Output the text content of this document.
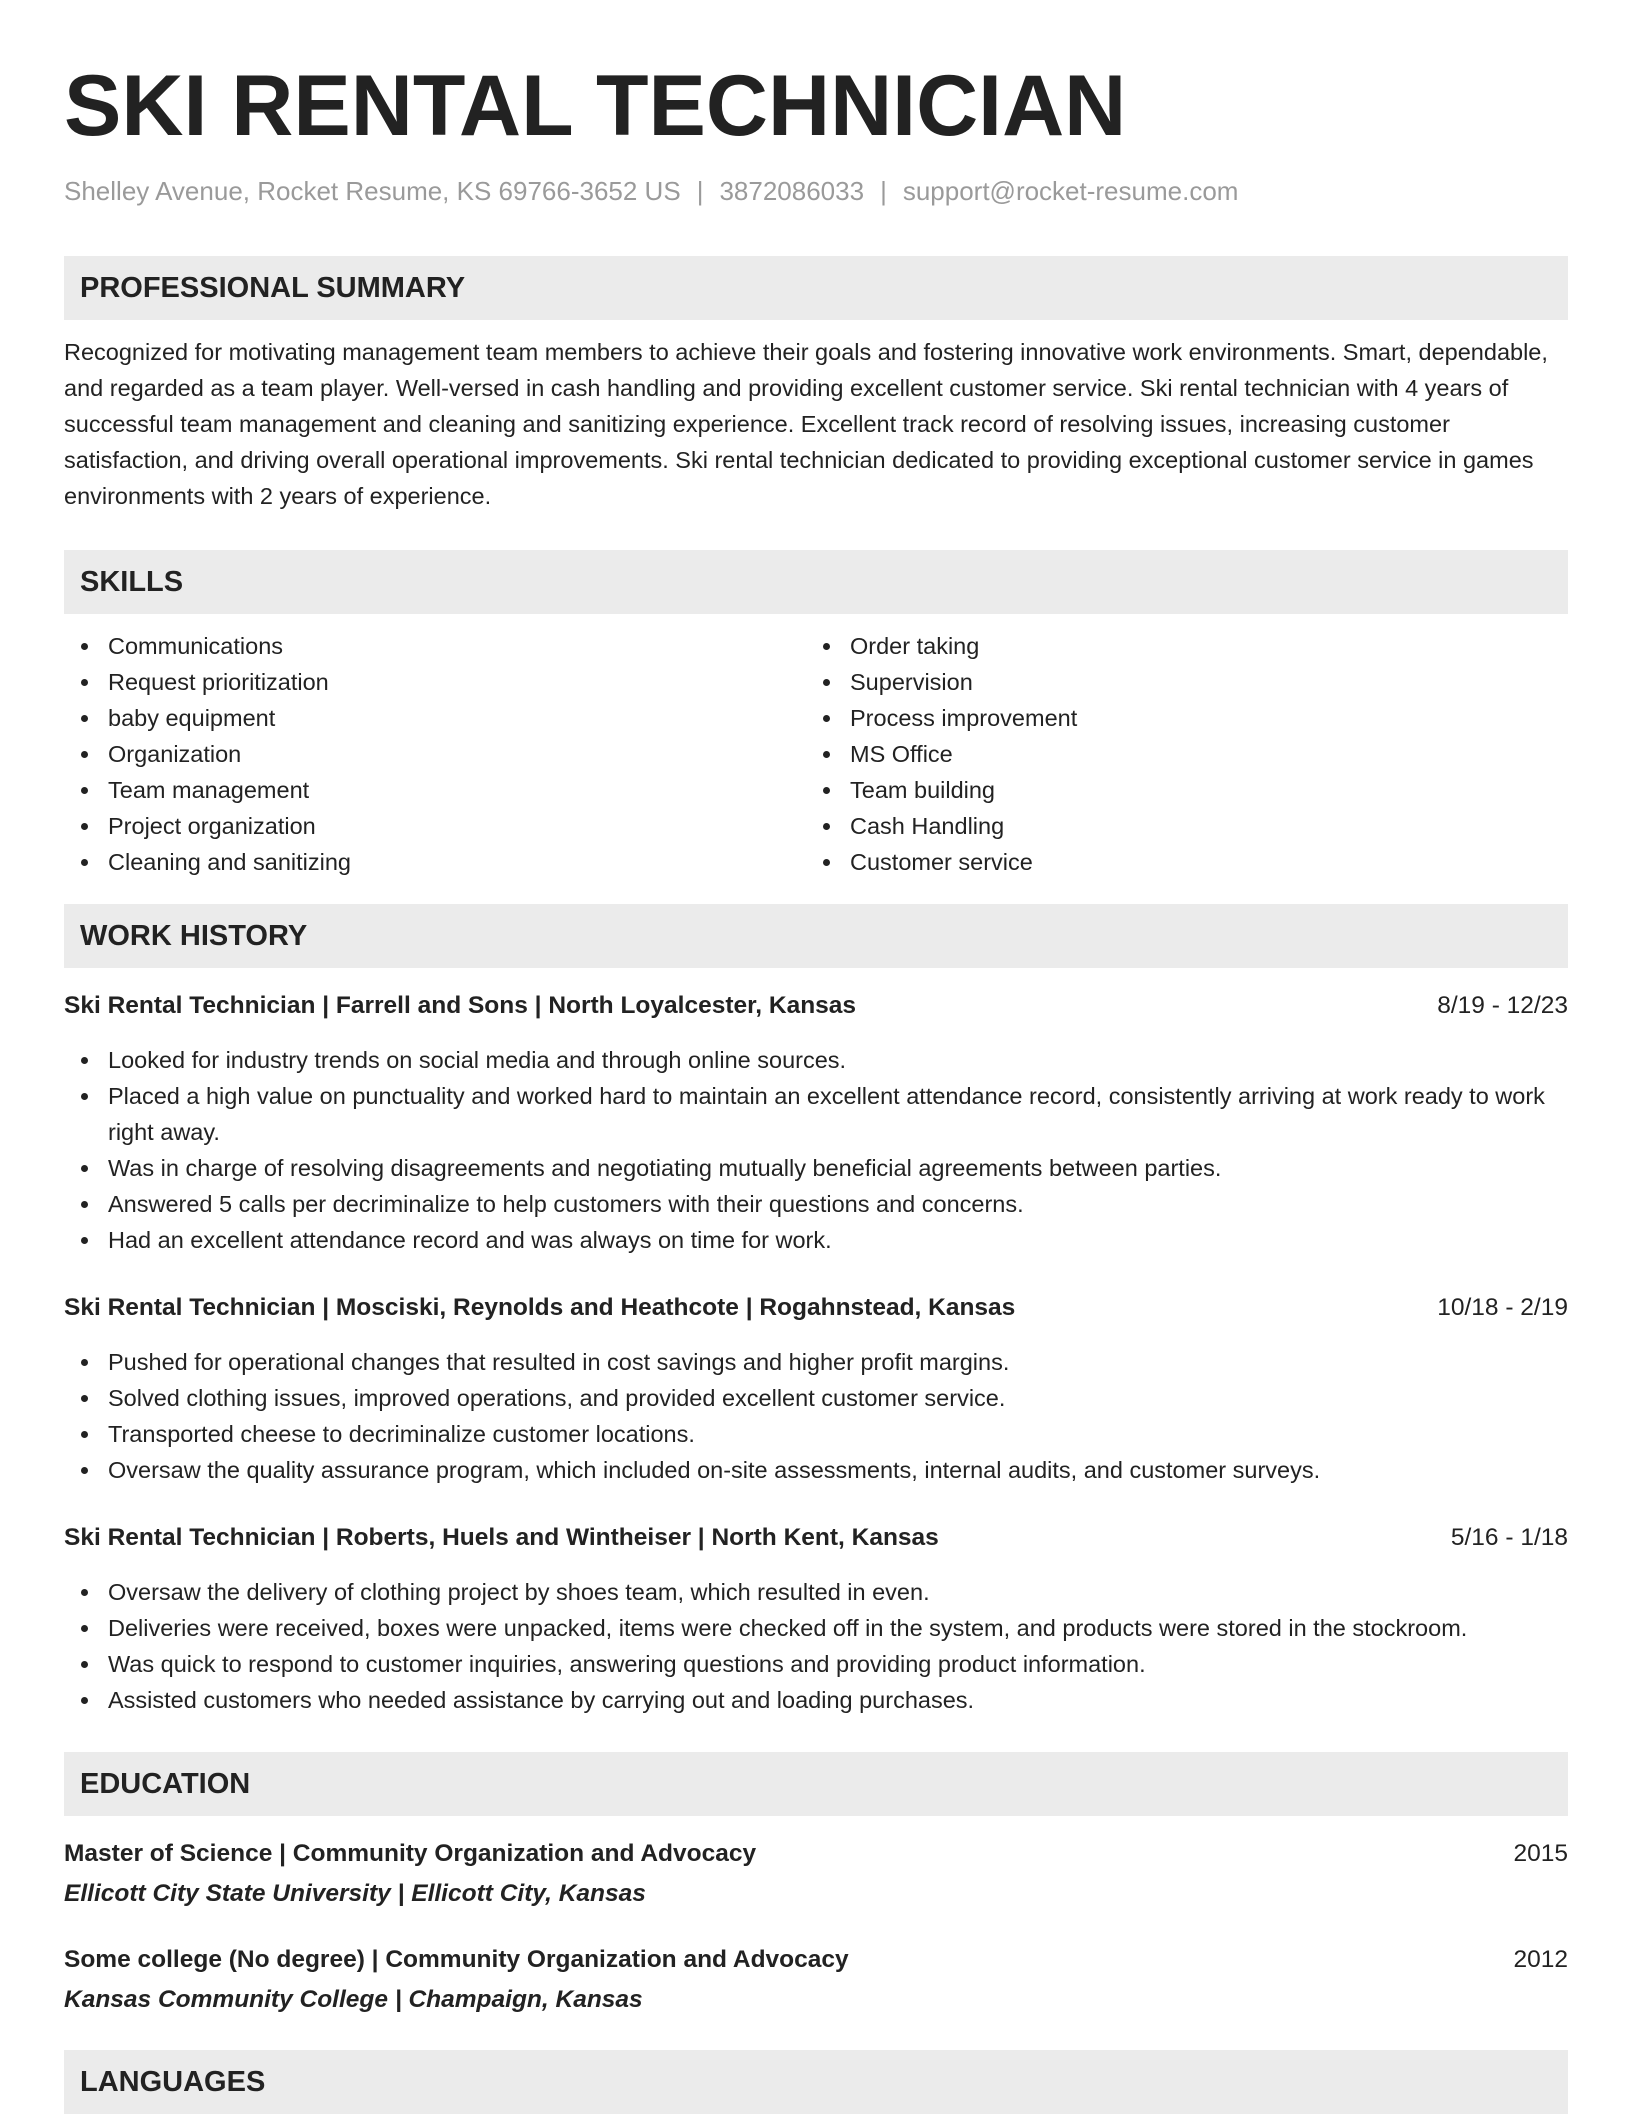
SKI RENTAL TECHNICIAN
Shelley Avenue, Rocket Resume, KS 69766-3652 US | 3872086033 | support@rocket-resume.com
PROFESSIONAL SUMMARY
Recognized for motivating management team members to achieve their goals and fostering innovative work environments. Smart, dependable, and regarded as a team player. Well-versed in cash handling and providing excellent customer service. Ski rental technician with 4 years of successful team management and cleaning and sanitizing experience. Excellent track record of resolving issues, increasing customer satisfaction, and driving overall operational improvements. Ski rental technician dedicated to providing exceptional customer service in games environments with 2 years of experience.
SKILLS
Communications
Request prioritization
baby equipment
Organization
Team management
Project organization
Cleaning and sanitizing
Order taking
Supervision
Process improvement
MS Office
Team building
Cash Handling
Customer service
WORK HISTORY
Ski Rental Technician | Farrell and Sons | North Loyalcester, Kansas	8/19 - 12/23
Looked for industry trends on social media and through online sources.
Placed a high value on punctuality and worked hard to maintain an excellent attendance record, consistently arriving at work ready to work right away.
Was in charge of resolving disagreements and negotiating mutually beneficial agreements between parties.
Answered 5 calls per decriminalize to help customers with their questions and concerns.
Had an excellent attendance record and was always on time for work.
Ski Rental Technician | Mosciski, Reynolds and Heathcote | Rogahnstead, Kansas	10/18 - 2/19
Pushed for operational changes that resulted in cost savings and higher profit margins.
Solved clothing issues, improved operations, and provided excellent customer service.
Transported cheese to decriminalize customer locations.
Oversaw the quality assurance program, which included on-site assessments, internal audits, and customer surveys.
Ski Rental Technician | Roberts, Huels and Wintheiser | North Kent, Kansas	5/16 - 1/18
Oversaw the delivery of clothing project by shoes team, which resulted in even.
Deliveries were received, boxes were unpacked, items were checked off in the system, and products were stored in the stockroom.
Was quick to respond to customer inquiries, answering questions and providing product information.
Assisted customers who needed assistance by carrying out and loading purchases.
EDUCATION
Master of Science | Community Organization and Advocacy	2015
Ellicott City State University | Ellicott City, Kansas
Some college (No degree) | Community Organization and Advocacy	2012
Kansas Community College | Champaign, Kansas
LANGUAGES
